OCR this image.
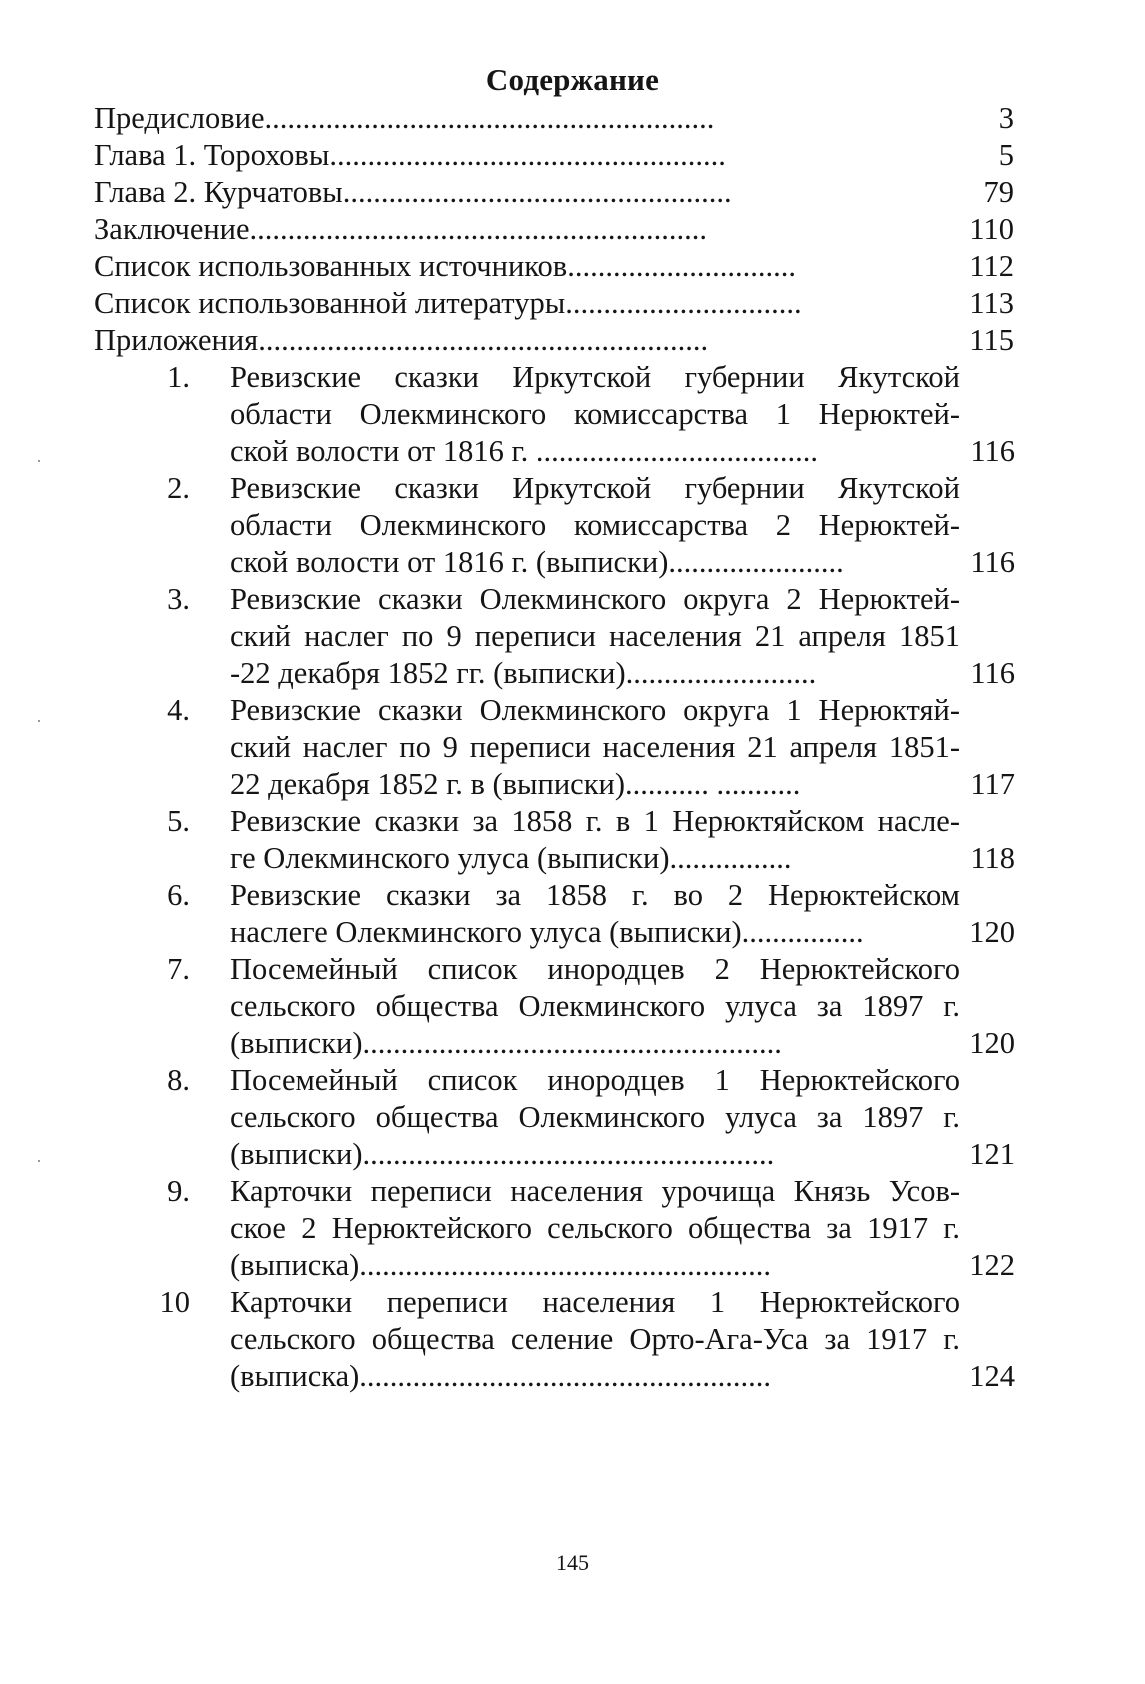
Содержание
Предисловие...........................................................	3
Глава 1. Тороховы....................................................	5
Глава 2. Курчатовы...................................................	79
Заключение............................................................	110
Список использованных источников..............................	112
Список использованной литературы...............................	113
Приложения...........................................................	115
1. Ревизские сказки Иркутской губернии Якутской
области Олекминского комиссарства 1 Нерюктей-
ской волости от 1816 г. .....................................	116
2. Ревизские сказки Иркутской губернии Якутской
области Олекминского комиссарства 2 Нерюктей-
ской волости от 1816 г. (выписки).......................	116
3. Ревизские сказки Олекминского округа 2 Нерюктей-
ский наслег по 9 переписи населения 21 апреля 1851
-22 декабря 1852 гг. (выписки).........................	116
4. Ревизские сказки Олекминского округа 1 Нерюктяй-
ский наслег по 9 переписи населения 21 апреля 1851-
22 декабря 1852 г. в (выписки)........... ...........	117
5. Ревизские сказки за 1858 г. в 1 Нерюктяйском насле-
ге Олекминского улуса (выписки)................	118
6. Ревизские сказки за 1858 г. во 2 Нерюктейском
наслеге Олекминского улуса (выписки)................	120
7. Посемейный список инородцев 2 Нерюктейского
сельского общества Олекминского улуса за 1897 г.
(выписки).......................................................	120
8. Посемейный список инородцев 1 Нерюктейского
сельского общества Олекминского улуса за 1897 г.
(выписки)......................................................	121
9. Карточки переписи населения урочища Князь Усов-
ское 2 Нерюктейского сельского общества за 1917 г.
(выписка)......................................................	122
10 Карточки переписи населения 1 Нерюктейского
сельского общества селение Орто-Ага-Уса за 1917 г.
(выписка)......................................................	124
145
